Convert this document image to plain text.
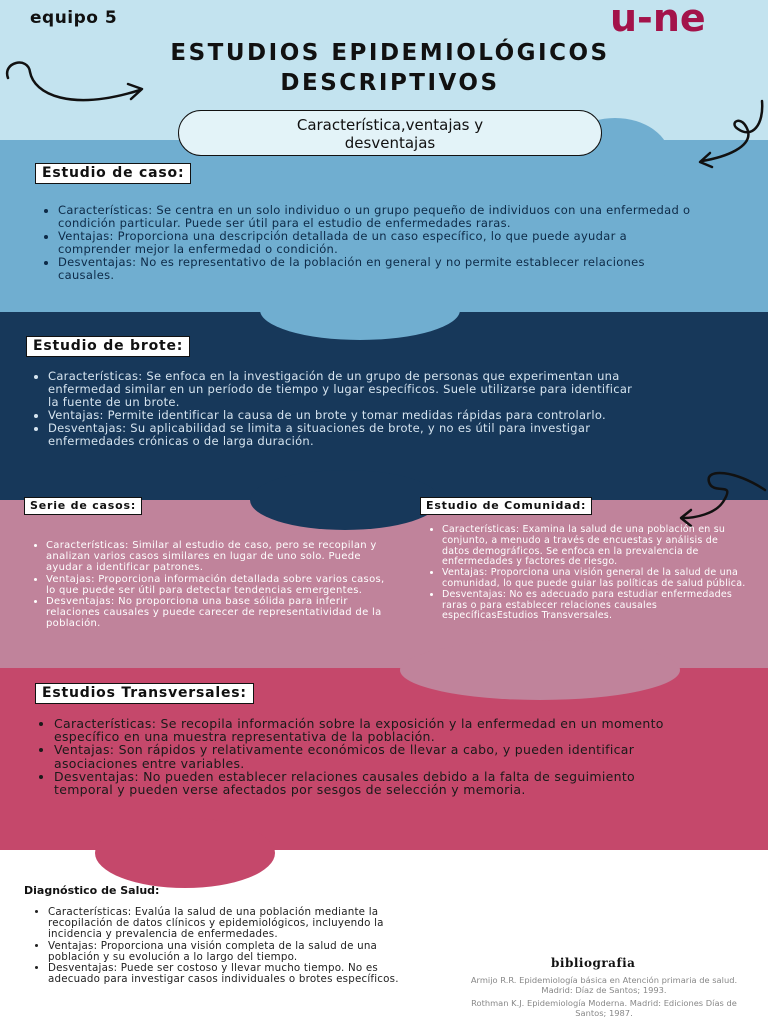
equipo 5	u-ne
ESTUDIOS EPIDEMIOLÓGICOS
DESCRIPTIVOS
Característica,ventajas y
desventajas
Estudio de caso:
• Características: Se centra en un solo individuo o un grupo pequeño de individuos con una enfermedad o condición particular. Puede ser útil para el estudio de enfermedades raras.
• Ventajas: Proporciona una descripción detallada de un caso específico, lo que puede ayudar a comprender mejor la enfermedad o condición.
• Desventajas: No es representativo de la población en general y no permite establecer relaciones causales.
Estudio de brote:
• Características: Se enfoca en la investigación de un grupo de personas que experimentan una enfermedad similar en un período de tiempo y lugar específicos. Suele utilizarse para identificar la fuente de un brote.
• Ventajas: Permite identificar la causa de un brote y tomar medidas rápidas para controlarlo.
• Desventajas: Su aplicabilidad se limita a situaciones de brote, y no es útil para investigar enfermedades crónicas o de larga duración.
Serie de casos:
• Características: Similar al estudio de caso, pero se recopilan y analizan varios casos similares en lugar de uno solo. Puede ayudar a identificar patrones.
• Ventajas: Proporciona información detallada sobre varios casos, lo que puede ser útil para detectar tendencias emergentes.
• Desventajas: No proporciona una base sólida para inferir relaciones causales y puede carecer de representatividad de la población.
Estudio de Comunidad:
• Características: Examina la salud de una población en su conjunto, a menudo a través de encuestas y análisis de datos demográficos. Se enfoca en la prevalencia de enfermedades y factores de riesgo.
• Ventajas: Proporciona una visión general de la salud de una comunidad, lo que puede guiar las políticas de salud pública.
• Desventajas: No es adecuado para estudiar enfermedades raras o para establecer relaciones causales específicasEstudios Transversales.
Estudios Transversales:
• Características: Se recopila información sobre la exposición y la enfermedad en un momento específico en una muestra representativa de la población.
• Ventajas: Son rápidos y relativamente económicos de llevar a cabo, y pueden identificar asociaciones entre variables.
• Desventajas: No pueden establecer relaciones causales debido a la falta de seguimiento temporal y pueden verse afectados por sesgos de selección y memoria.
Diagnóstico de Salud:
• Características: Evalúa la salud de una población mediante la recopilación de datos clínicos y epidemiológicos, incluyendo la incidencia y prevalencia de enfermedades.
• Ventajas: Proporciona una visión completa de la salud de una población y su evolución a lo largo del tiempo.
• Desventajas: Puede ser costoso y llevar mucho tiempo. No es adecuado para investigar casos individuales o brotes específicos.
bibliografia
Armijo R.R. Epidemiología básica en Atención primaria de salud. Madrid: Díaz de Santos; 1993.
Rothman K.J. Epidemiología Moderna. Madrid: Ediciones Días de Santos; 1987.
